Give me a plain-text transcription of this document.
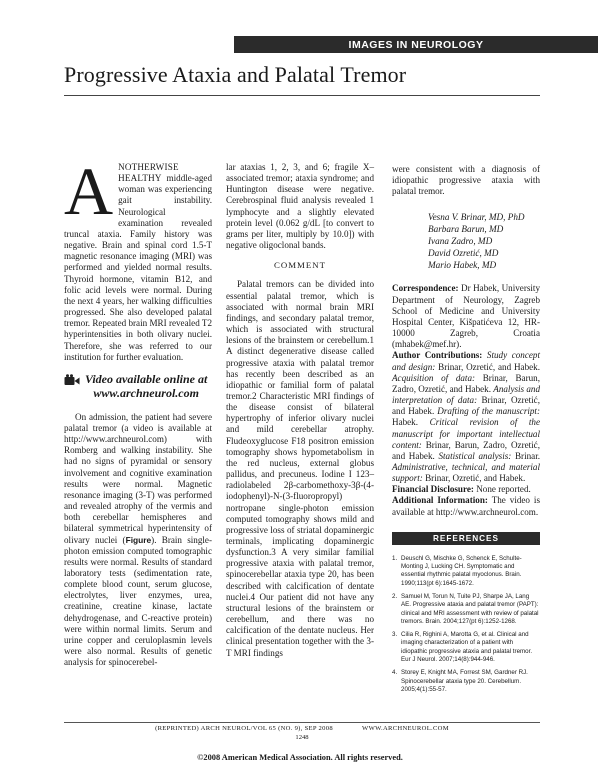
IMAGES IN NEUROLOGY
Progressive Ataxia and Palatal Tremor

ANOTHERWISE HEALTHY middle-aged woman was experiencing gait instability. Neurological examination revealed truncal ataxia. Family history was negative. Brain and spinal cord 1.5-T magnetic resonance imaging (MRI) was performed and yielded normal results. Thyroid hormone, vitamin B12, and folic acid levels were normal. During the next 4 years, her walking difficulties progressed. She also developed palatal tremor. Repeated brain MRI revealed T2 hyperintensities in both olivary nuclei. Therefore, she was referred to our institution for further evaluation.

Video available online at
www.archneurol.com

On admission, the patient had severe palatal tremor (a video is available at http://www.archneurol.com) with Romberg and walking instability. She had no signs of pyramidal or sensory involvement and cognitive examination results were normal. Magnetic resonance imaging (3-T) was performed and revealed atrophy of the vermis and both cerebellar hemispheres and bilateral symmetrical hyperintensity of olivary nuclei (Figure). Brain single-photon emission computed tomographic results were normal. Results of standard laboratory tests (sedimentation rate, complete blood count, serum glucose, electrolytes, liver enzymes, urea, creatinine, creatine kinase, lactate dehydrogenase, and C-reactive protein) were within normal limits. Serum and urine copper and ceruloplasmin levels were also normal. Results of genetic analysis for spinocerebel-

lar ataxias 1, 2, 3, and 6; fragile X–associated tremor; ataxia syndrome; and Huntington disease were negative. Cerebrospinal fluid analysis revealed 1 lymphocyte and a slightly elevated protein level (0.062 g/dL [to convert to grams per liter, multiply by 10.0]) with negative oligoclonal bands.

COMMENT

Palatal tremors can be divided into essential palatal tremor, which is associated with normal brain MRI findings, and secondary palatal tremor, which is associated with structural lesions of the brainstem or cerebellum.1 A distinct degenerative disease called progressive ataxia with palatal tremor has recently been described as an idiopathic or familial form of palatal tremor.2 Characteristic MRI findings of the disease consist of bilateral hypertrophy of inferior olivary nuclei and mild cerebellar atrophy. Fludeoxyglucose F18 positron emission tomography shows hypometabolism in the red nucleus, external globus pallidus, and precuneus. Iodine I 123–radiolabeled 2β-carbomethoxy-3β-(4-iodophenyl)-N-(3-fluoropropyl) nortropane single-photon emission computed tomography shows mild and progressive loss of striatal dopaminergic terminals, implicating dopaminergic dysfunction.3 A very similar familial progressive ataxia with palatal tremor, spinocerebellar ataxia type 20, has been described with calcification of dentate nuclei.4 Our patient did not have any structural lesions of the brainstem or cerebellum, and there was no calcification of the dentate nucleus. Her clinical presentation together with the 3-T MRI findings

were consistent with a diagnosis of idiopathic progressive ataxia with palatal tremor.

Vesna V. Brinar, MD, PhD
Barbara Barun, MD
Ivana Zadro, MD
David Ozretić, MD
Mario Habek, MD

Correspondence: Dr Habek, University Department of Neurology, Zagreb School of Medicine and University Hospital Center, Kišpatićeva 12, HR-10000 Zagreb, Croatia (mhabek@mef.hr).

Author Contributions: Study concept and design: Brinar, Ozretić, and Habek. Acquisition of data: Brinar, Barun, Zadro, Ozretić, and Habek. Analysis and interpretation of data: Brinar, Ozretić, and Habek. Drafting of the manuscript: Habek. Critical revision of the manuscript for important intellectual content: Brinar, Barun, Zadro, Ozretić, and Habek. Statistical analysis: Brinar. Administrative, technical, and material support: Brinar, Ozretić, and Habek.

Financial Disclosure: None reported.

Additional Information: The video is available at http://www.archneurol.com.

REFERENCES
1. Deuschl G, Mischke G, Schenck E, Schulte-Monting J, Lucking CH. Symptomatic and essential rhythmic palatal myoclonus. Brain. 1990;113(pt 6):1645-1672.
2. Samuel M, Torun N, Tuite PJ, Sharpe JA, Lang AE. Progressive ataxia and palatal tremor (PAPT): clinical and MRI assessment with review of palatal tremors. Brain. 2004;127(pt 6):1252-1268.
3. Cilia R, Righini A, Marotta G, et al. Clinical and imaging characterization of a patient with idiopathic progressive ataxia and palatal tremor. Eur J Neurol. 2007;14(8):944-946.
4. Storey E, Knight MA, Forrest SM, Gardner RJ. Spinocerebellar ataxia type 20. Cerebellum. 2005;4(1):55-57.
(REPRINTED) ARCH NEUROL/VOL 65 (NO. 9), SEP 2008	WWW.ARCHNEUROL.COM
1248
©2008 American Medical Association. All rights reserved.
